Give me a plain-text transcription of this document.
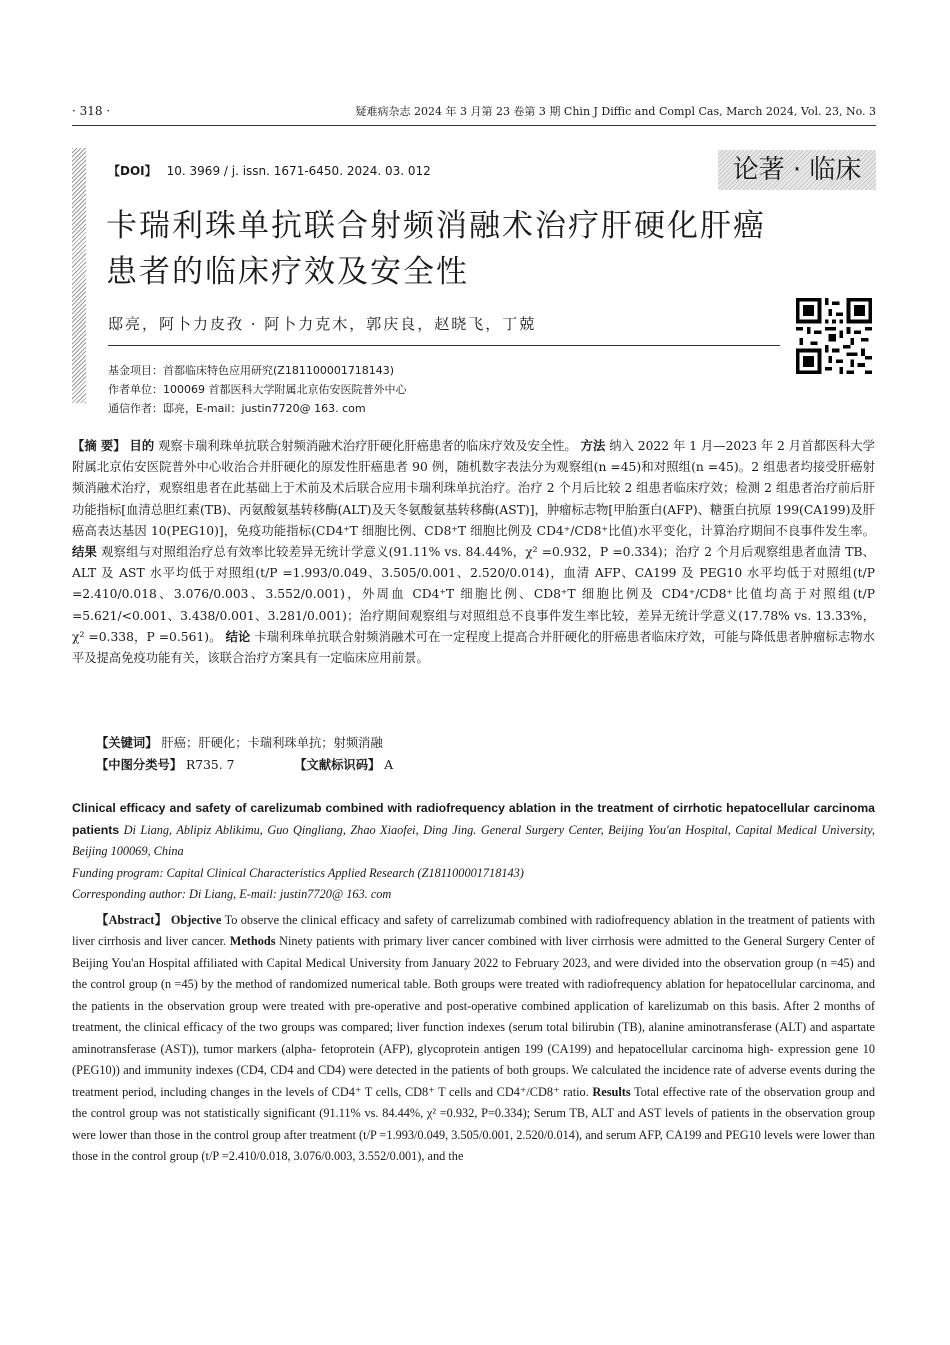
· 318 ·	疑难病杂志 2024 年 3 月第 23 卷第 3 期 Chin J Diffic and Compl Cas, March 2024, Vol. 23, No. 3
【DOI】 10. 3969 / j. issn. 1671-6450. 2024. 03. 012	论著 · 临床
卡瑞利珠单抗联合射频消融术治疗肝硬化肝癌
患者的临床疗效及安全性
邸亮，阿卜力皮孜 · 阿卜力克木，郭庆良，赵晓飞，丁兢
基金项目：首都临床特色应用研究(Z181100001718143)
作者单位：100069 首都医科大学附属北京佑安医院普外中心
通信作者：邸亮，E-mail：justin7720@ 163. com
【摘 要】 目的 观察卡瑞利珠单抗联合射频消融术治疗肝硬化肝癌患者的临床疗效及安全性。 方法 纳入 2022 年 1 月—2023 年 2 月首都医科大学附属北京佑安医院普外中心收治合并肝硬化的原发性肝癌患者 90 例，随机数字表法分为观察组(n =45)和对照组(n =45)。2 组患者均接受肝癌射频消融术治疗，观察组患者在此基础上于术前及术后联合应用卡瑞利珠单抗治疗。治疗 2 个月后比较 2 组患者临床疗效；检测 2 组患者治疗前后肝功能指标[血清总胆红素(TB)、丙氨酸氨基转移酶(ALT)及天冬氨酸氨基转移酶(AST)]，肿瘤标志物[甲胎蛋白(AFP)、糖蛋白抗原 199(CA199)及肝癌高表达基因 10(PEG10)]，免疫功能指标(CD4⁺T 细胞比例、CD8⁺T 细胞比例及 CD4⁺/CD8⁺比值)水平变化，计算治疗期间不良事件发生率。 结果 观察组与对照组治疗总有效率比较差异无统计学意义(91.11% vs. 84.44%，χ² =0.932，P =0.334)；治疗 2 个月后观察组患者血清 TB、ALT 及 AST 水平均低于对照组(t/P =1.993/0.049、3.505/0.001、2.520/0.014)，血清 AFP、CA199 及 PEG10 水平均低于对照组(t/P =2.410/0.018、3.076/0.003、3.552/0.001)，外周血 CD4⁺T 细胞比例、CD8⁺T 细胞比例及 CD4⁺/CD8⁺比值均高于对照组(t/P =5.621/<0.001、3.438/0.001、3.281/0.001)；治疗期间观察组与对照组总不良事件发生率比较，差异无统计学意义(17.78% vs. 13.33%，χ² =0.338，P =0.561)。 结论 卡瑞利珠单抗联合射频消融术可在一定程度上提高合并肝硬化的肝癌患者临床疗效，可能与降低患者肿瘤标志物水平及提高免疫功能有关，该联合治疗方案具有一定临床应用前景。
【关键词】 肝癌；肝硬化；卡瑞利珠单抗；射频消融
【中图分类号】 R735. 7	【文献标识码】 A
Clinical efficacy and safety of carelizumab combined with radiofrequency ablation in the treatment of cirrhotic hepatocellular carcinoma patients Di Liang, Ablipiz Ablikimu, Guo Qingliang, Zhao Xiaofei, Ding Jing. General Surgery Center, Beijing You'an Hospital, Capital Medical University, Beijing 100069, China
Funding program: Capital Clinical Characteristics Applied Research (Z181100001718143)
Corresponding author: Di Liang, E-mail: justin7720@ 163. com

【Abstract】 Objective To observe the clinical efficacy and safety of carrelizumab combined with radiofrequency ablation in the treatment of patients with liver cirrhosis and liver cancer. Methods Ninety patients with primary liver cancer combined with liver cirrhosis were admitted to the General Surgery Center of Beijing You'an Hospital affiliated with Capital Medical University from January 2022 to February 2023, and were divided into the observation group (n =45) and the control group (n =45) by the method of randomized numerical table. Both groups were treated with radiofrequency ablation for hepatocellular carcinoma, and the patients in the observation group were treated with pre-operative and post-operative combined application of karelizumab on this basis. After 2 months of treatment, the clinical efficacy of the two groups was compared; liver function indexes (serum total bilirubin (TB), alanine aminotransferase (ALT) and aspartate aminotransferase (AST)), tumor markers (alpha- fetoprotein (AFP), glycoprotein antigen 199 (CA199) and hepatocellular carcinoma high- expression gene 10 (PEG10)) and immunity indexes (CD4, CD4 and CD4) were detected in the patients of both groups. We calculated the incidence rate of adverse events during the treatment period, including changes in the levels of CD4⁺ T cells, CD8⁺ T cells and CD4⁺/CD8⁺ ratio. Results Total effective rate of the observation group and the control group was not statistically significant (91.11% vs. 84.44%, χ² =0.932, P=0.334); Serum TB, ALT and AST levels of patients in the observation group were lower than those in the control group after treatment (t/P =1.993/0.049, 3.505/0.001, 2.520/0.014), and serum AFP, CA199 and PEG10 levels were lower than those in the control group (t/P =2.410/0.018, 3.076/0.003, 3.552/0.001), and the
